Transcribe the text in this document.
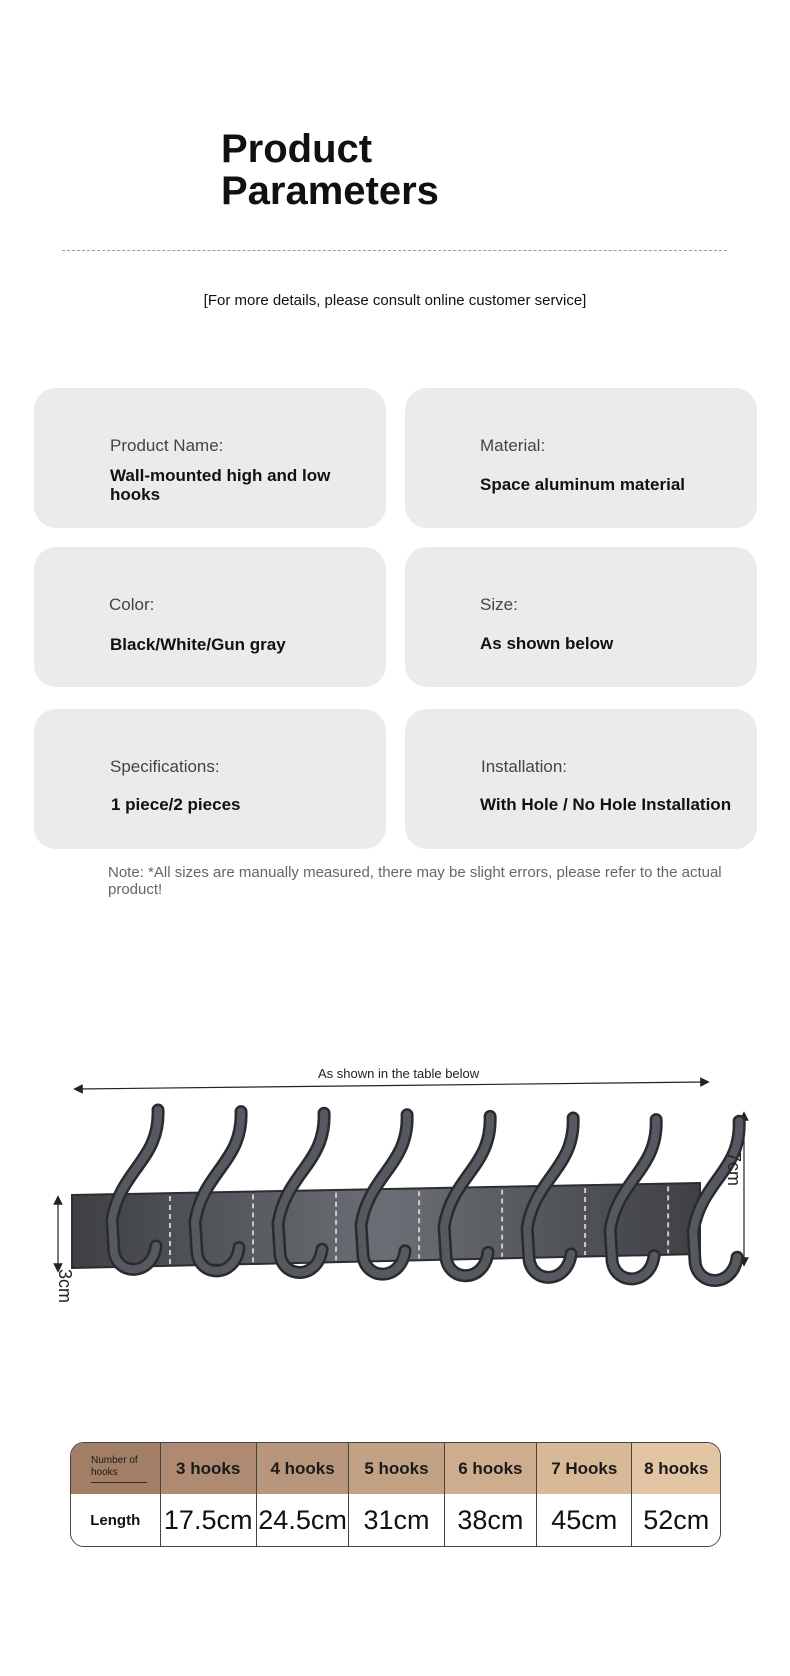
Product
Parameters
[For more details, please consult online customer service]
Product Name:
Wall-mounted high and low hooks
Material:
Space aluminum material
Color:
Black/White/Gun gray
Size:
As shown below
Specifications:
1 piece/2 pieces
Installation:
With Hole / No Hole Installation
Note: *All sizes are manually measured, there may be slight errors, please refer to the actual product!
As shown in the table below
7cm
3cm
Number of hooks
Length
3 hooks
17.5cm
4 hooks
24.5cm
5 hooks
31cm
6 hooks
38cm
7 Hooks
45cm
8 hooks
52cm
